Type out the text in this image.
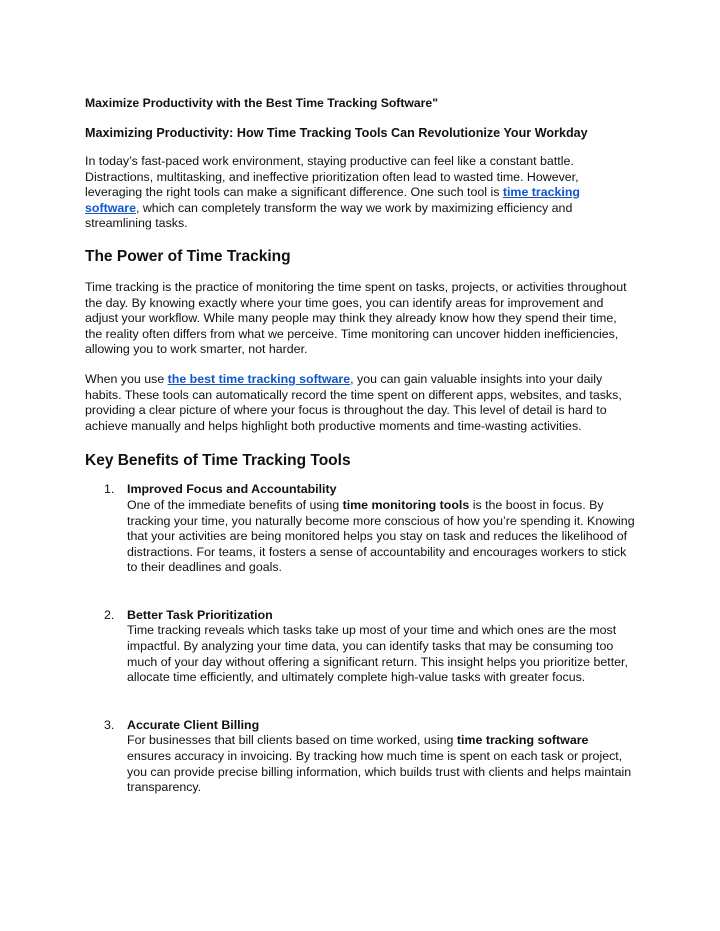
Maximize Productivity with the Best Time Tracking Software"
Maximizing Productivity: How Time Tracking Tools Can Revolutionize Your Workday

In today’s fast-paced work environment, staying productive can feel like a constant battle. Distractions, multitasking, and ineffective prioritization often lead to wasted time. However, leveraging the right tools can make a significant difference. One such tool is time tracking software, which can completely transform the way we work by maximizing efficiency and streamlining tasks.

The Power of Time Tracking

Time tracking is the practice of monitoring the time spent on tasks, projects, or activities throughout the day. By knowing exactly where your time goes, you can identify areas for improvement and adjust your workflow. While many people may think they already know how they spend their time, the reality often differs from what we perceive. Time monitoring can uncover hidden inefficiencies, allowing you to work smarter, not harder.

When you use the best time tracking software, you can gain valuable insights into your daily habits. These tools can automatically record the time spent on different apps, websites, and tasks, providing a clear picture of where your focus is throughout the day. This level of detail is hard to achieve manually and helps highlight both productive moments and time-wasting activities.

Key Benefits of Time Tracking Tools
1. Improved Focus and Accountability
One of the immediate benefits of using time monitoring tools is the boost in focus. By tracking your time, you naturally become more conscious of how you’re spending it. Knowing that your activities are being monitored helps you stay on task and reduces the likelihood of distractions. For teams, it fosters a sense of accountability and encourages workers to stick to their deadlines and goals.
2. Better Task Prioritization
Time tracking reveals which tasks take up most of your time and which ones are the most impactful. By analyzing your time data, you can identify tasks that may be consuming too much of your day without offering a significant return. This insight helps you prioritize better, allocate time efficiently, and ultimately complete high-value tasks with greater focus.
3. Accurate Client Billing
For businesses that bill clients based on time worked, using time tracking software ensures accuracy in invoicing. By tracking how much time is spent on each task or project, you can provide precise billing information, which builds trust with clients and helps maintain transparency.
